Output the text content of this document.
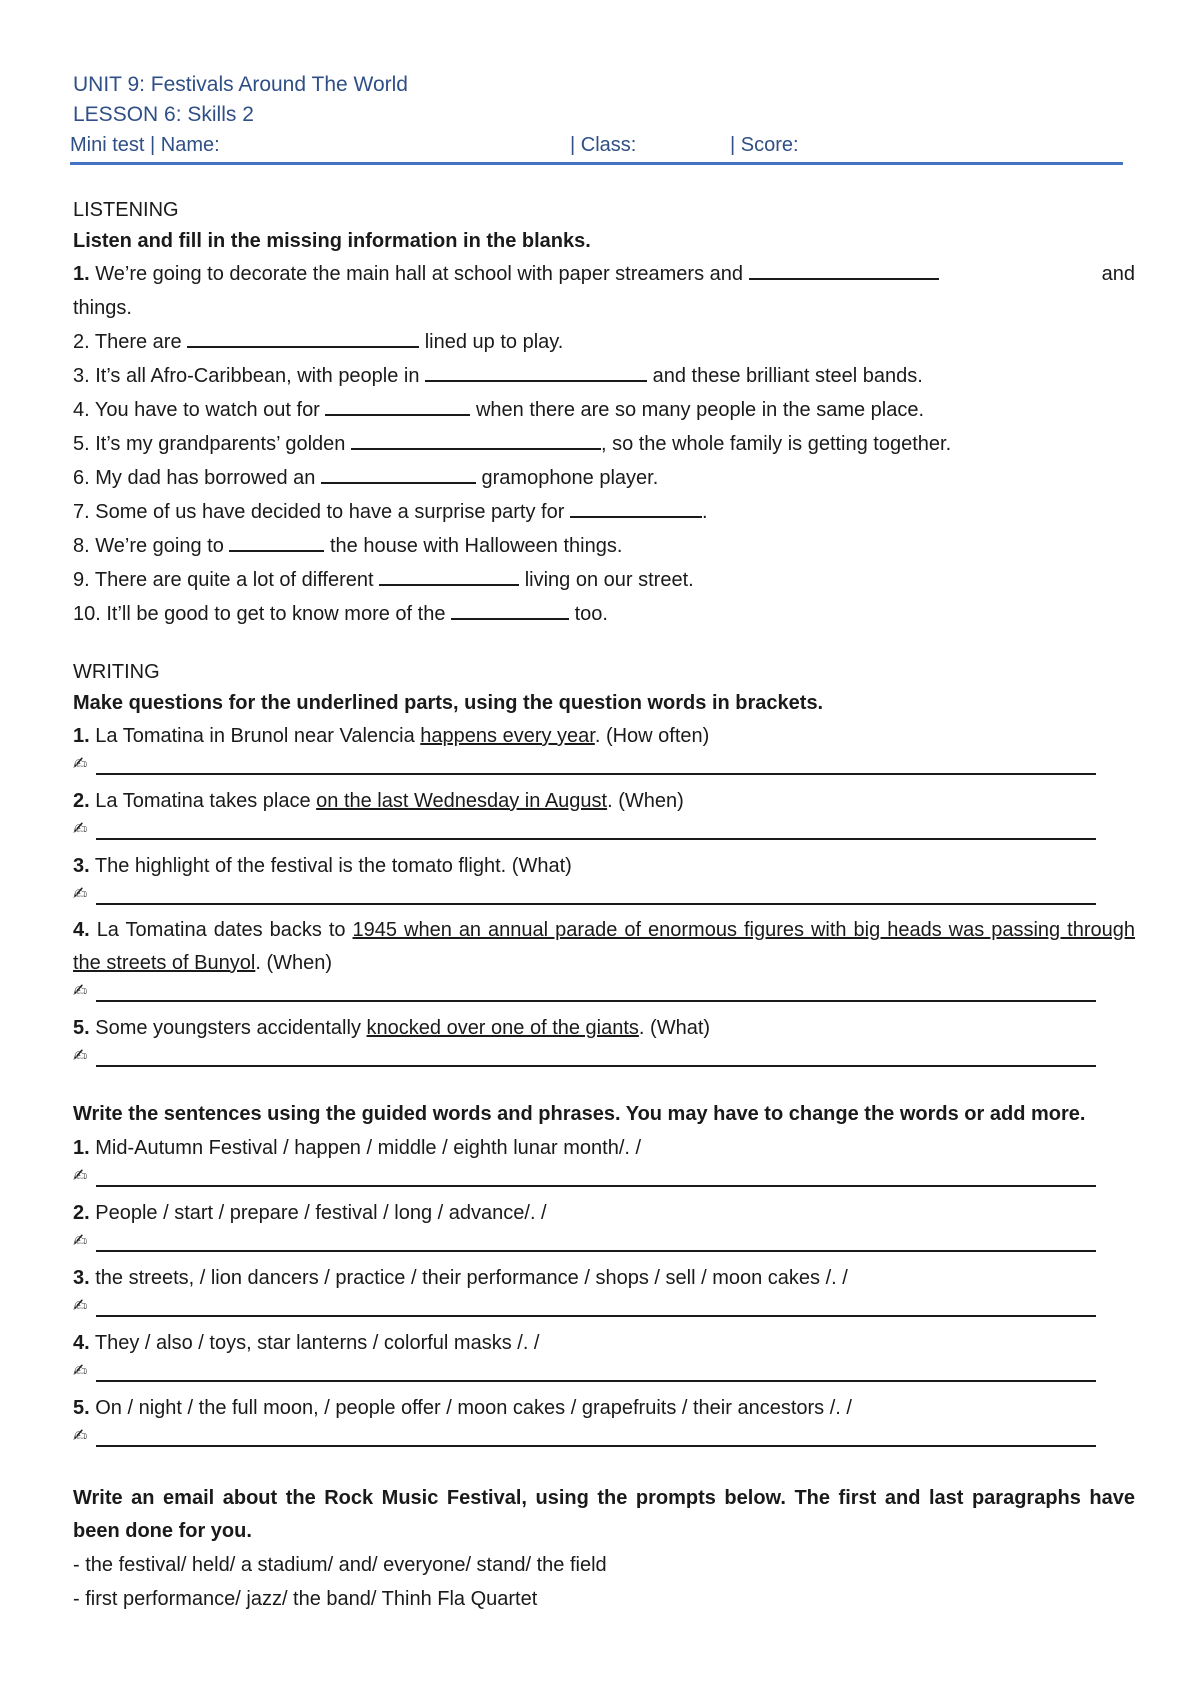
UNIT 9: Festivals Around The World
LESSON 6: Skills 2
Mini test | Name:	| Class:	| Score:
LISTENING
Listen and fill in the missing information in the blanks.
1. We’re going to decorate the main hall at school with paper streamers and	and
things.
2. There are	lined up to play.
3. It’s all Afro-Caribbean, with people in	and these brilliant steel bands.
4. You have to watch out for	when there are so many people in the same place.
5. It’s my grandparents’ golden	, so the whole family is getting together.
6. My dad has borrowed an	gramophone player.
7. Some of us have decided to have a surprise party for	.
8. We’re going to	the house with Halloween things.
9. There are quite a lot of different	living on our street.
10. It’ll be good to get to know more of the	too.
WRITING
Make questions for the underlined parts, using the question words in brackets.
1. La Tomatina in Brunol near Valencia happens every year. (How often)
✍
2. La Tomatina takes place on the last Wednesday in August. (When)
✍
3. The highlight of the festival is the tomato flight. (What)
✍
4. La Tomatina dates backs to 1945 when an annual parade of enormous figures with big heads was passing through the streets of Bunyol. (When)
✍
5. Some youngsters accidentally knocked over one of the giants. (What)
✍
Write the sentences using the guided words and phrases. You may have to change the words or add more.
1. Mid-Autumn Festival / happen / middle / eighth lunar month/. /
✍
2. People / start / prepare / festival / long / advance/. /
✍
3. the streets, / lion dancers / practice / their performance / shops / sell / moon cakes /. /
✍
4. They / also / toys, star lanterns / colorful masks /. /
✍
5. On / night / the full moon, / people offer / moon cakes / grapefruits / their ancestors /. /
✍
Write an email about the Rock Music Festival, using the prompts below. The first and last paragraphs have been done for you.
- the festival/ held/ a stadium/ and/ everyone/ stand/ the field
- first performance/ jazz/ the band/ Thinh Fla Quartet
